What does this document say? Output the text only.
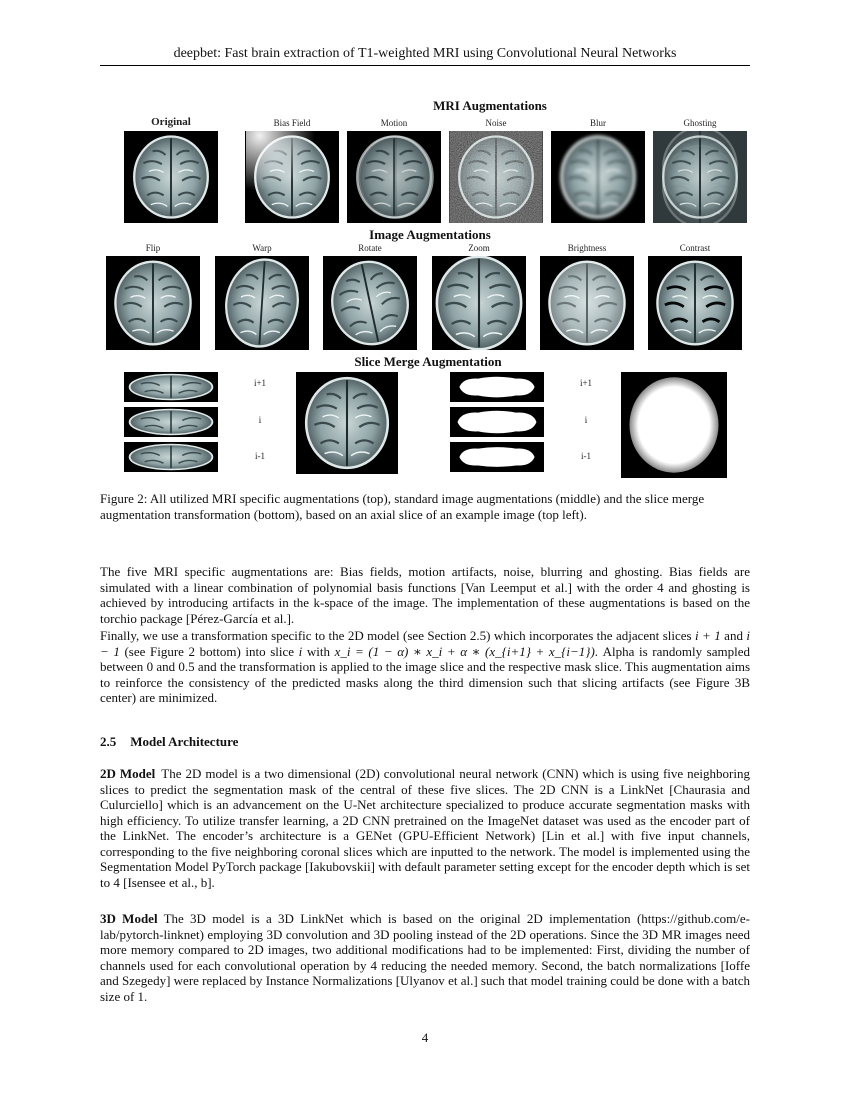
deepbet: Fast brain extraction of T1-weighted MRI using Convolutional Neural Networks
MRI Augmentations
Original	Bias Field	Motion	Noise	Blur	Ghosting
Image Augmentations
Flip	Warp	Rotate	Zoom	Brightness	Contrast
Slice Merge Augmentation
i+1
i
i-1
i+1
i
i-1
Figure 2: All utilized MRI specific augmentations (top), standard image augmentations (middle) and the slice merge augmentation transformation (bottom), based on an axial slice of an example image (top left).
The five MRI specific augmentations are: Bias fields, motion artifacts, noise, blurring and ghosting. Bias fields are simulated with a linear combination of polynomial basis functions [Van Leemput et al.] with the order 4 and ghosting is achieved by introducing artifacts in the k-space of the image. The implementation of these augmentations is based on the torchio package [Pérez-García et al.].
Finally, we use a transformation specific to the 2D model (see Section 2.5) which incorporates the adjacent slices i + 1 and i − 1 (see Figure 2 bottom) into slice i with x_i = (1 − α) ∗ x_i + α ∗ (x_{i+1} + x_{i−1}). Alpha is randomly sampled between 0 and 0.5 and the transformation is applied to the image slice and the respective mask slice. This augmentation aims to reinforce the consistency of the predicted masks along the third dimension such that slicing artifacts (see Figure 3B center) are minimized.
2.5 Model Architecture
2D Model The 2D model is a two dimensional (2D) convolutional neural network (CNN) which is using five neighboring slices to predict the segmentation mask of the central of these five slices. The 2D CNN is a LinkNet [Chaurasia and Culurciello] which is an advancement on the U-Net architecture specialized to produce accurate segmentation masks with high efficiency. To utilize transfer learning, a 2D CNN pretrained on the ImageNet dataset was used as the encoder part of the LinkNet. The encoder’s architecture is a GENet (GPU-Efficient Network) [Lin et al.] with five input channels, corresponding to the five neighboring coronal slices which are inputted to the network. The model is implemented using the Segmentation Model PyTorch package [Iakubovskii] with default parameter setting except for the encoder depth which is set to 4 [Isensee et al., b].
3D Model The 3D model is a 3D LinkNet which is based on the original 2D implementation (https://github.com/e-lab/pytorch-linknet) employing 3D convolution and 3D pooling instead of the 2D operations. Since the 3D MR images need more memory compared to 2D images, two additional modifications had to be implemented: First, dividing the number of channels used for each convolutional operation by 4 reducing the needed memory. Second, the batch normalizations [Ioffe and Szegedy] were replaced by Instance Normalizations [Ulyanov et al.] such that model training could be done with a batch size of 1.
4
